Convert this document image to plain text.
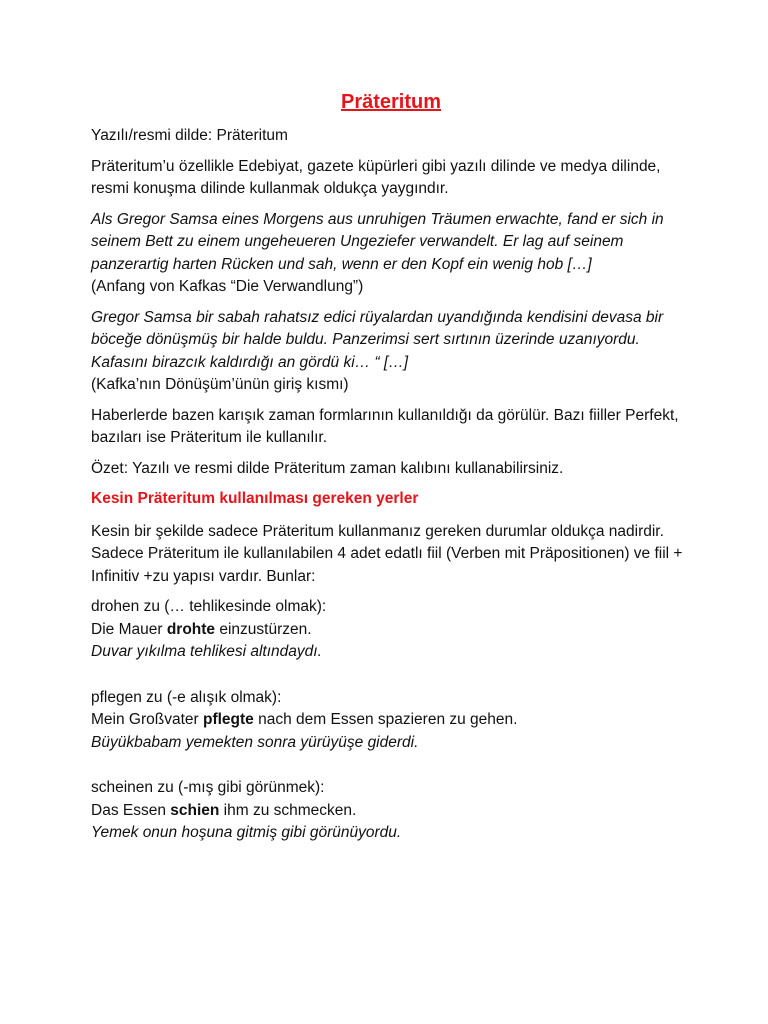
Präteritum

Yazılı/resmi dilde: Präteritum

Präteritum’u özellikle Edebiyat, gazete küpürleri gibi yazılı dilinde ve medya dilinde, resmi konuşma dilinde kullanmak oldukça yaygındır.

Als Gregor Samsa eines Morgens aus unruhigen Träumen erwachte, fand er sich in seinem Bett zu einem ungeheueren Ungeziefer verwandelt. Er lag auf seinem panzerartig harten Rücken und sah, wenn er den Kopf ein wenig hob […]
(Anfang von Kafkas “Die Verwandlung”)

Gregor Samsa bir sabah rahatsız edici rüyalardan uyandığında kendisini devasa bir böceğe dönüşmüş bir halde buldu. Panzerimsi sert sırtının üzerinde uzanıyordu. Kafasını birazcık kaldırdığı an gördü ki… “ […]
(Kafka’nın Dönüşüm’ünün giriş kısmı)

Haberlerde bazen karışık zaman formlarının kullanıldığı da görülür. Bazı fiiller Perfekt, bazıları ise Präteritum ile kullanılır.

Özet: Yazılı ve resmi dilde Präteritum zaman kalıbını kullanabilirsiniz.

Kesin Präteritum kullanılması gereken yerler

Kesin bir şekilde sadece Präteritum kullanmanız gereken durumlar oldukça nadirdir. Sadece Präteritum ile kullanılabilen 4 adet edatlı fiil (Verben mit Präpositionen) ve fiil + Infinitiv +zu yapısı vardır. Bunlar:

drohen zu (… tehlikesinde olmak):
Die Mauer drohte einzustürzen.
Duvar yıkılma tehlikesi altındaydı.
pflegen zu (-e alışık olmak):
Mein Großvater pflegte nach dem Essen spazieren zu gehen.
Büyükbabam yemekten sonra yürüyüşe giderdi.
scheinen zu (-mış gibi görünmek):
Das Essen schien ihm zu schmecken.
Yemek onun hoşuna gitmiş gibi görünüyordu.
